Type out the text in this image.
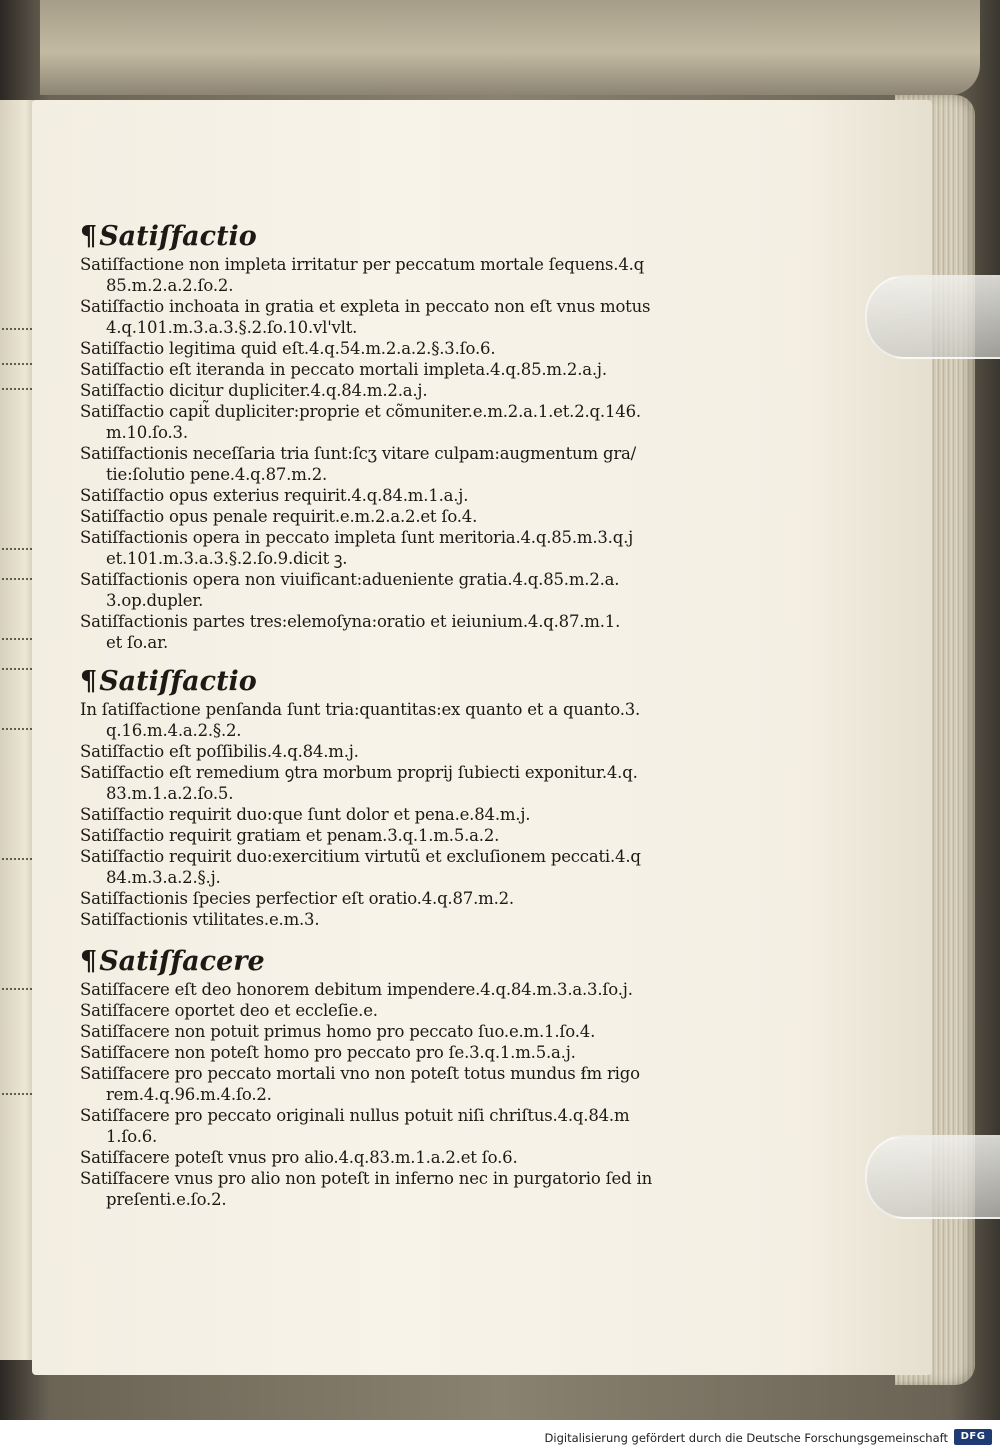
¶Satiſfactio

Satiſfactione non impleta irritatur per peccatum mortale ſequens.4.q

85.m.2.a.2.ſo.2.

Satiſfactio inchoata in gratia et expleta in peccato non eſt vnus motus

4.q.101.m.3.a.3.§.2.ſo.10.vl'vlt.

Satiſfactio legitima quid eſt.4.q.54.m.2.a.2.§.3.ſo.6.

Satiſfactio eſt iteranda in peccato mortali impleta.4.q.85.m.2.a.j.

Satiſfactio dicitur dupliciter.4.q.84.m.2.a.j.

Satiſfactio capit̃ dupliciter:proprie et cõmuniter.e.m.2.a.1.et.2.q.146.

m.10.ſo.3.

Satiſfactionis neceſſaria tria ſunt:ſcʒ vitare culpam:augmentum gra/

tie:ſolutio pene.4.q.87.m.2.

Satiſfactio opus exterius requirit.4.q.84.m.1.a.j.

Satiſfactio opus penale requirit.e.m.2.a.2.et ſo.4.

Satiſfactionis opera in peccato impleta ſunt meritoria.4.q.85.m.3.q.j

et.101.m.3.a.3.§.2.ſo.9.dicit ꝫ.

Satiſfactionis opera non viuificant:adueniente gratia.4.q.85.m.2.a.

3.op.dupler.

Satiſfactionis partes tres:elemoſyna:oratio et ieiunium.4.q.87.m.1.

et ſo.ar.

¶Satiſfactio

In ſatiſfactione penſanda ſunt tria:quantitas:ex quanto et a quanto.3.

q.16.m.4.a.2.§.2.

Satiſfactio eſt poſſibilis.4.q.84.m.j.

Satiſfactio eſt remedium ꝯtra morbum proprij ſubiecti exponitur.4.q.

83.m.1.a.2.ſo.5.

Satiſfactio requirit duo:que ſunt dolor et pena.e.84.m.j.

Satiſfactio requirit gratiam et penam.3.q.1.m.5.a.2.

Satiſfactio requirit duo:exercitium virtutũ et excluſionem peccati.4.q

84.m.3.a.2.§.j.

Satiſfactionis ſpecies perfectior eſt oratio.4.q.87.m.2.

Satiſfactionis vtilitates.e.m.3.

¶Satiſfacere

Satiſfacere eſt deo honorem debitum impendere.4.q.84.m.3.a.3.ſo.j.

Satiſfacere oportet deo et eccleſie.e.

Satiſfacere non potuit primus homo pro peccato ſuo.e.m.1.ſo.4.

Satiſfacere non poteſt homo pro peccato pro ſe.3.q.1.m.5.a.j.

Satiſfacere pro peccato mortali vno non poteſt totus mundus ẜm rigo

rem.4.q.96.m.4.ſo.2.

Satiſfacere pro peccato originali nullus potuit niſi chriſtus.4.q.84.m

1.ſo.6.

Satiſfacere poteſt vnus pro alio.4.q.83.m.1.a.2.et ſo.6.

Satiſfacere vnus pro alio non poteſt in inferno nec in purgatorio ſed in

preſenti.e.ſo.2.

Digitalisierung gefördert durch die Deutsche Forschungsgemeinschaft	DFG
